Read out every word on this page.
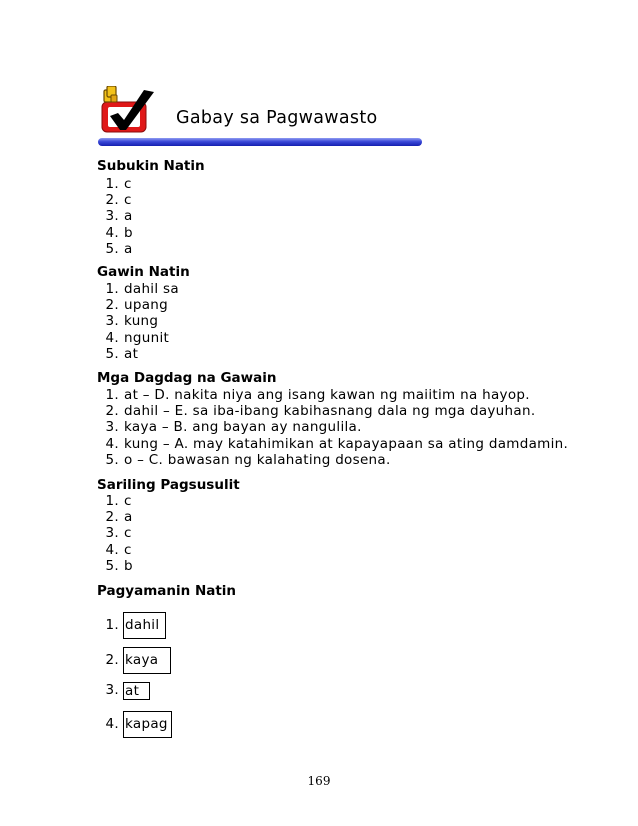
Gabay sa Pagwawasto
Subukin Natin
1. c
2. c
3. a
4. b
5. a
Gawin Natin
1. dahil sa
2. upang
3. kung
4. ngunit
5. at
Mga Dagdag na Gawain
1. at – D. nakita niya ang isang kawan ng maiitim na hayop.
2. dahil – E. sa iba-ibang kabihasnang dala ng mga dayuhan.
3. kaya – B. ang bayan ay nangulila.
4. kung – A. may katahimikan at kapayapaan sa ating damdamin.
5. o – C. bawasan ng kalahating dosena.
Sariling Pagsusulit
1. c
2. a
3. c
4. c
5. b
Pagyamanin Natin
1. dahil
2. kaya
3. at
4. kapag
169
